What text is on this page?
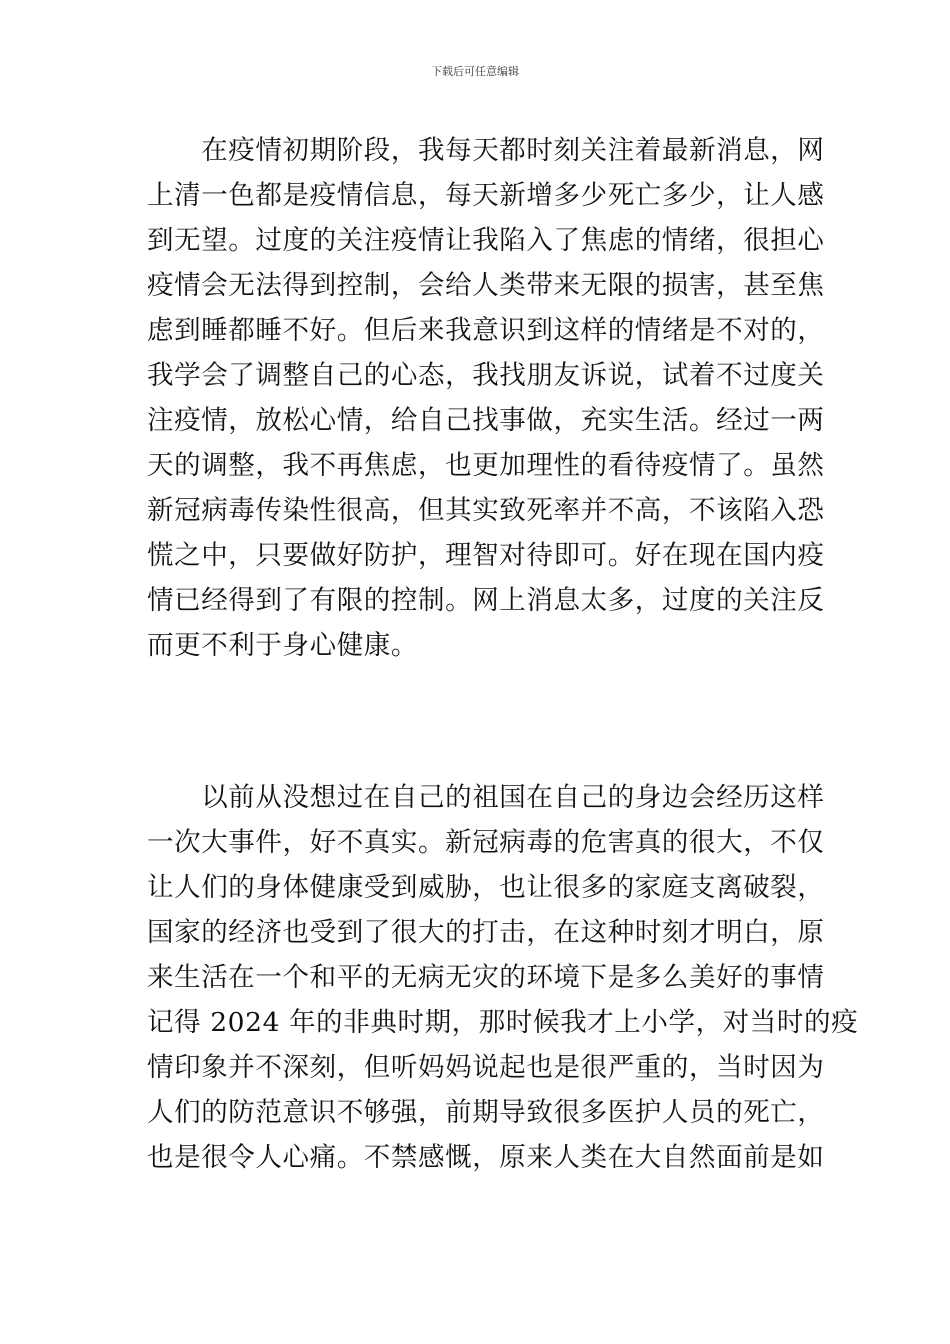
下载后可任意编辑
　　在疫情初期阶段，我每天都时刻关注着最新消息，网
上清一色都是疫情信息，每天新增多少死亡多少，让人感
到无望。过度的关注疫情让我陷入了焦虑的情绪，很担心
疫情会无法得到控制，会给人类带来无限的损害，甚至焦
虑到睡都睡不好。但后来我意识到这样的情绪是不对的，
我学会了调整自己的心态，我找朋友诉说，试着不过度关
注疫情，放松心情，给自己找事做，充实生活。经过一两
天的调整，我不再焦虑，也更加理性的看待疫情了。虽然
新冠病毒传染性很高，但其实致死率并不高，不该陷入恐
慌之中，只要做好防护，理智对待即可。好在现在国内疫
情已经得到了有限的控制。网上消息太多，过度的关注反
而更不利于身心健康。
　　以前从没想过在自己的祖国在自己的身边会经历这样
一次大事件，好不真实。新冠病毒的危害真的很大，不仅
让人们的身体健康受到威胁，也让很多的家庭支离破裂，
国家的经济也受到了很大的打击，在这种时刻才明白，原
来生活在一个和平的无病无灾的环境下是多么美好的事情
记得 2024 年的非典时期，那时候我才上小学，对当时的疫
情印象并不深刻，但听妈妈说起也是很严重的，当时因为
人们的防范意识不够强，前期导致很多医护人员的死亡，
也是很令人心痛。不禁感慨，原来人类在大自然面前是如
